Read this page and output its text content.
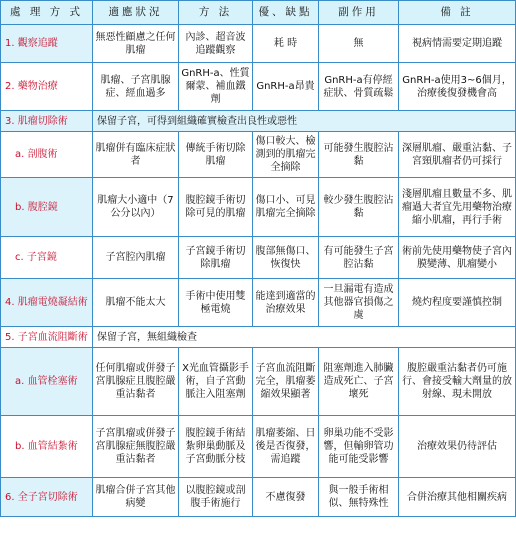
處 理 方 式	適應狀況	方 法	優、缺點	副作用	備 註
1. 觀察追蹤	無惡性顧慮之任何肌瘤	內診、超音波追蹤觀察	耗 時	無	視病情需要定期追蹤
2. 藥物治療	肌瘤、子宮肌腺症、經血過多	GnRH-a、性質爾蒙、補血鐵劑	GnRH-a昂貴	GnRH-a有停經症狀、骨質疏鬆	GnRH-a使用3~6個月，治療後復發機會高
3. 肌瘤切除術	保留子宮，可得到組織確實檢查出良性或惡性				
a. 剖腹術	肌瘤併有臨床症狀者	傳統手術切除肌瘤	傷口較大、檢測到的肌瘤完全摘除	可能發生腹腔沾黏	深層肌瘤、嚴重沾黏、子宮頸肌瘤者仍可採行
b. 腹腔鏡	肌瘤大小適中（7公分以內）	腹腔鏡手術切除可見的肌瘤	傷口小、可見肌瘤完全摘除	較少發生腹腔沾黏	淺層肌瘤且數量不多、肌瘤過大者宜先用藥物治療縮小肌瘤，再行手術
c. 子宮鏡	子宮腔內肌瘤	子宮鏡手術切除肌瘤	腹部無傷口、恢復快	有可能發生子宮腔沾黏	術前先使用藥物使子宮內膜變薄、肌瘤變小
4. 肌瘤電燒凝結術	肌瘤不能太大	手術中使用雙極電燒	能達到適當的治療效果	一旦漏電有造成其他器官損傷之虞	燒灼程度要謹慎控制
5. 子宮血流阻斷術	保留子宮，無組織檢查				
a. 血管栓塞術	任何肌瘤或併發子宮肌腺症且腹腔嚴重沾黏者	X光血管攝影手術，自子宮動脈注入阻塞劑	子宮血流阻斷完全，肌瘤萎縮效果顯著	阻塞劑進入肺臟造成死亡、子宮壞死	腹腔嚴重沾黏者仍可施行、會接受輸大劑量的放射線、現未開放
b. 血管結紮術	子宮肌瘤或併發子宮肌腺症無腹腔嚴重沾黏者	腹腔鏡手術結紮卵巢動脈及子宮動脈分枝	肌瘤萎縮、日後是否復發，需追蹤	卵巢功能不受影響，但輸卵管功能可能受影響	治療效果仍待評估
6. 全子宮切除術	肌瘤合併子宮其他病變	以腹腔鏡或剖腹手術施行	不慮復發	與一般手術相似、無特殊性	合併治療其他相關疾病
